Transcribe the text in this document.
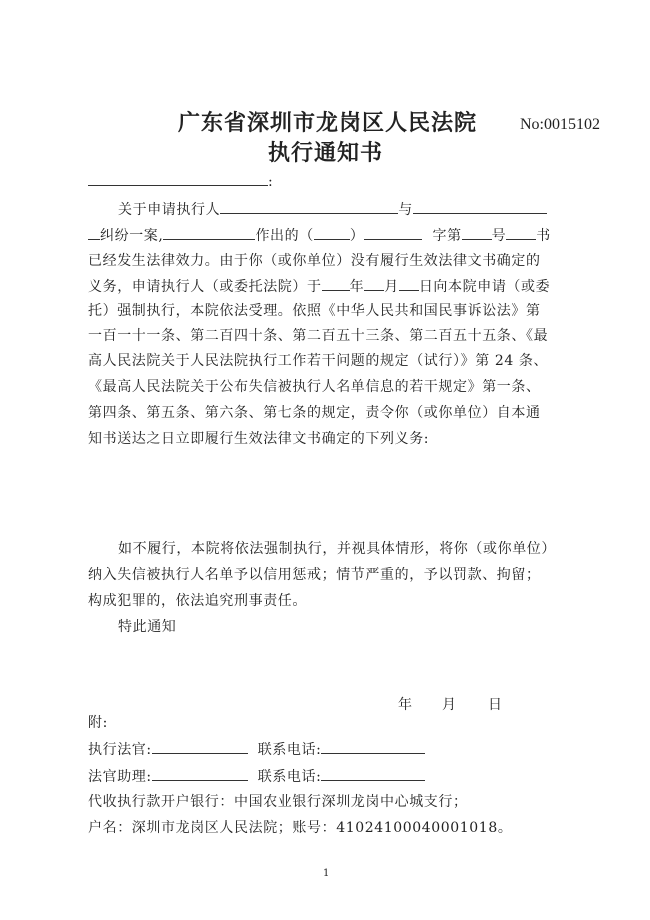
广东省深圳市龙岗区人民法院
执行通知书
No:0015102
:
关于申请执行人	与
纠纷一案,	作出的（	）	字第 号 书
已经发生法律效力。由于你（或你单位）没有履行生效法律文书确定的
义务，申请执行人（或委托法院）于 年 月 日向本院申请（或委
托）强制执行，本院依法受理。依照《中华人民共和国民事诉讼法》第
一百一十一条、第二百四十条、第二百五十三条、第二百五十五条、《最
高人民法院关于人民法院执行工作若干问题的规定（试行）》第 24 条、
《最高人民法院关于公布失信被执行人名单信息的若干规定》第一条、
第四条、第五条、第六条、第七条的规定，责令你（或你单位）自本通
知书送达之日立即履行生效法律文书确定的下列义务:
如不履行，本院将依法强制执行，并视具体情形，将你（或你单位）
纳入失信被执行人名单予以信用惩戒；情节严重的，予以罚款、拘留；
构成犯罪的，依法追究刑事责任。
特此通知
年 月 日
附:
执行法官:	联系电话:
法官助理:	联系电话:
代收执行款开户银行：中国农业银行深圳龙岗中心城支行；
户名：深圳市龙岗区人民法院；账号：41024100040001018。
1
